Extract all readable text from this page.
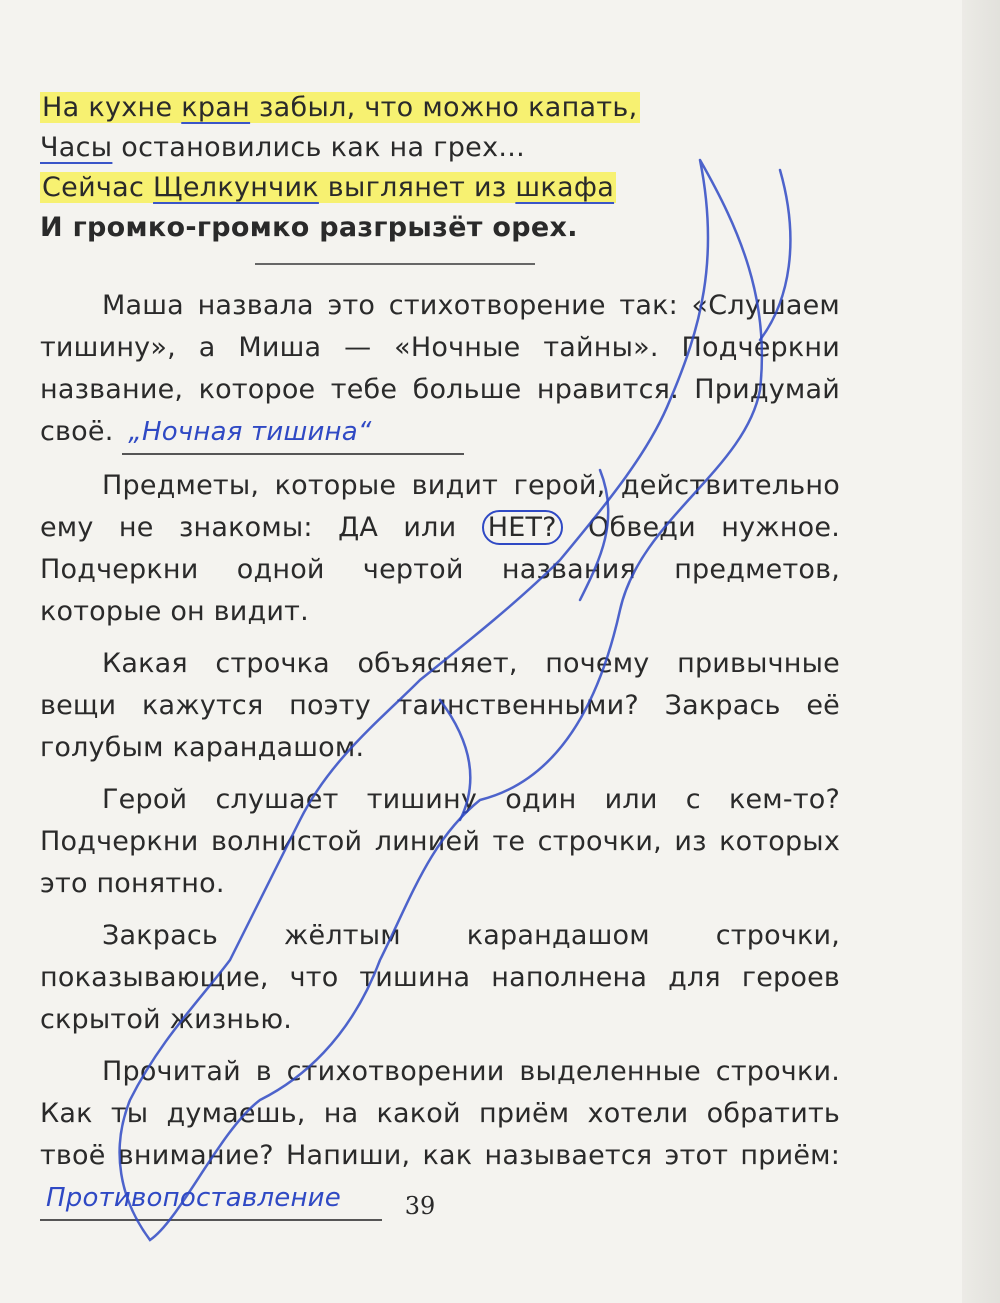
На кухне кран забыл, что можно капать,
Часы остановились как на грех...
Сейчас Щелкунчик выглянет из шкафа
И громко-громко разгрызёт орех.

Маша назвала это стихотворение так: «Слушаем тишину», а Миша — «Ночные тайны». Подчеркни название, которое тебе больше нравится. Придумай своё. „Ночная тишина“

Предметы, которые видит герой, действительно ему не знакомы: ДА или НЕТ? Обведи нужное. Подчеркни одной чертой названия предметов, которые он видит.

Какая строчка объясняет, почему привычные вещи кажутся поэту таинственными? Закрась её голубым карандашом.

Герой слушает тишину один или с кем-то? Подчеркни волнистой линией те строчки, из которых это понятно.

Закрась жёлтым карандашом строчки, показывающие, что тишина наполнена для героев скрытой жизнью.

Прочитай в стихотворении выделенные строчки. Как ты думаешь, на какой приём хотели обратить твоё внимание? Напиши, как называется этот приём: Противопоставление	39
